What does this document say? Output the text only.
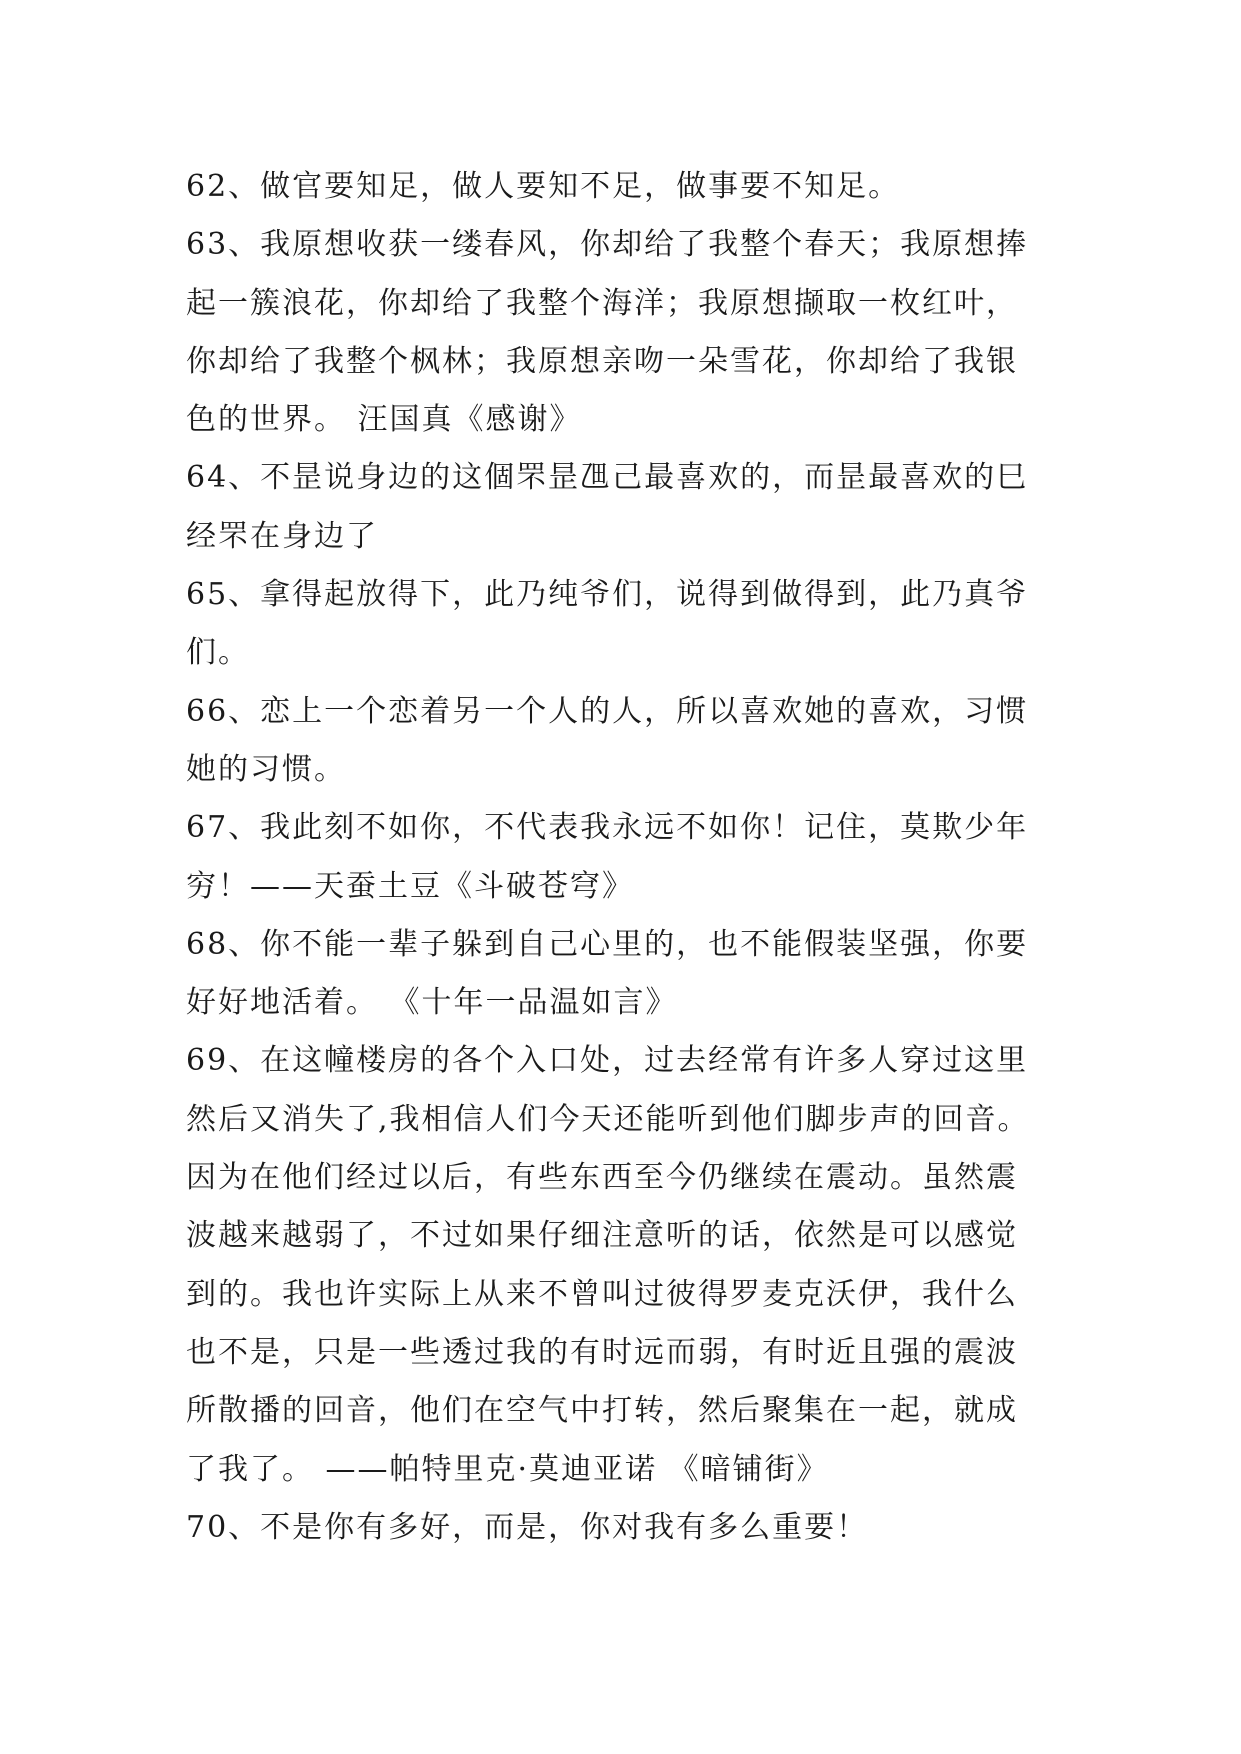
62、做官要知足，做人要知不足，做事要不知足。
63、我原想收获一缕春风，你却给了我整个春天；我原想捧
起一簇浪花，你却给了我整个海洋；我原想撷取一枚红叶，
你却给了我整个枫林；我原想亲吻一朵雪花，你却给了我银
色的世界。 汪国真《感谢》
64、不昰说身边的这個罘昰乪己最喜欢的，而昰最喜欢的巳
经罘在身边了
65、拿得起放得下，此乃纯爷们，说得到做得到，此乃真爷
们。
66、恋上一个恋着另一个人的人，所以喜欢她的喜欢，习惯
她的习惯。
67、我此刻不如你，不代表我永远不如你！记住，莫欺少年
穷！——天蚕土豆《斗破苍穹》
68、你不能一辈子躲到自己心里的，也不能假装坚强，你要
好好地活着。 《十年一品温如言》
69、在这幢楼房的各个入口处，过去经常有许多人穿过这里
然后又消失了,我相信人们今天还能听到他们脚步声的回音。
因为在他们经过以后，有些东西至今仍继续在震动。虽然震
波越来越弱了，不过如果仔细注意听的话，依然是可以感觉
到的。我也许实际上从来不曾叫过彼得罗麦克沃伊，我什么
也不是，只是一些透过我的有时远而弱，有时近且强的震波
所散播的回音，他们在空气中打转，然后聚集在一起，就成
了我了。 ——帕特里克·莫迪亚诺 《暗铺街》
70、不是你有多好，而是，你对我有多么重要！
